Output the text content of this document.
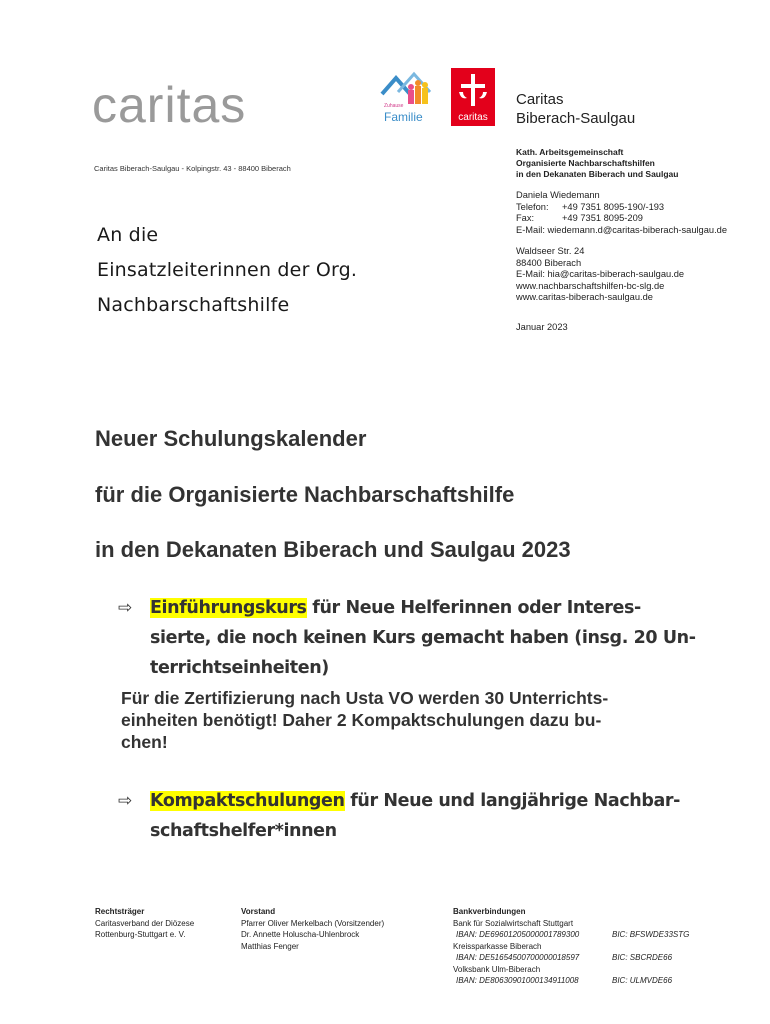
caritas	Zuhause
Familie	caritas
Caritas
Biberach-Saulgau
Caritas Biberach-Saulgau - Kolpingstr. 43 - 88400 Biberach
Kath. Arbeitsgemeinschaft
Organisierte Nachbarschaftshilfen
in den Dekanaten Biberach und Saulgau
Daniela Wiedemann
Telefon: +49 7351 8095-190/-193
Fax:	+49 7351 8095-209
E-Mail: wiedemann.d@caritas-biberach-saulgau.de
Waldseer Str. 24
88400 Biberach
E-Mail: hia@caritas-biberach-saulgau.de
www.nachbarschaftshilfen-bc-slg.de
www.caritas-biberach-saulgau.de
Januar 2023
An die
Einsatzleiterinnen der Org.
Nachbarschaftshilfe
Neuer Schulungskalender
für die Organisierte Nachbarschaftshilfe
in den Dekanaten Biberach und Saulgau 2023
⇨ Einführungskurs für Neue Helferinnen oder Interes-
sierte, die noch keinen Kurs gemacht haben (insg. 20 Un-
terrichtseinheiten)
Für die Zertifizierung nach Usta VO werden 30 Unterrichts-
einheiten benötigt! Daher 2 Kompaktschulungen dazu bu-
chen!
⇨ Kompaktschulungen für Neue und langjährige Nachbar-
schaftshelfer*innen
Rechtsträger
Caritasverband der Diözese
Rottenburg-Stuttgart e. V.
Vorstand
Pfarrer Oliver Merkelbach (Vorsitzender)
Dr. Annette Holuscha-Uhlenbrock
Matthias Fenger
Bankverbindungen
Bank für Sozialwirtschaft Stuttgart
IBAN: DE69601205000001789300	BIC: BFSWDE33STG
Kreissparkasse Biberach
IBAN: DE51654500700000018597	BIC: SBCRDE66
Volksbank Ulm-Biberach
IBAN: DE80630901000134911008	BIC: ULMVDE66
